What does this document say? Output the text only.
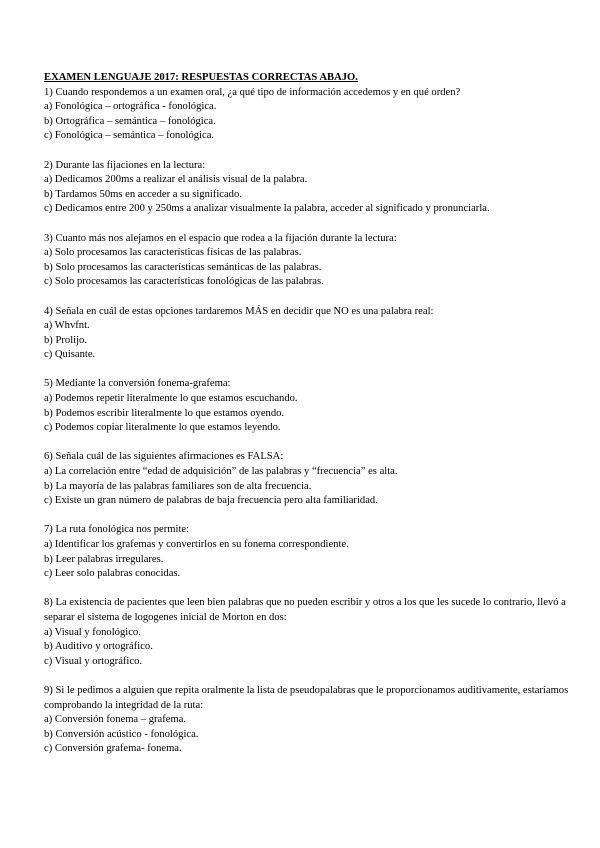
EXAMEN LENGUAJE 2017: RESPUESTAS CORRECTAS ABAJO.

1) Cuando respondemos a un examen oral, ¿a qué tipo de información accedemos y en qué orden?

a) Fonológica – ortográfica - fonológica.

b) Ortográfica – semántica – fonológica.

c) Fonológica – semántica – fonológica.

2) Durante las fijaciones en la lectura:

a) Dedicamos 200ms a realizar el análisis visual de la palabra.

b) Tardamos 50ms en acceder a su significado.

c) Dedicamos entre 200 y 250ms a analizar visualmente la palabra, acceder al significado y pronunciarla.

3) Cuanto más nos alejamos en el espacio que rodea a la fijación durante la lectura:

a) Solo procesamos las características físicas de las palabras.

b) Solo procesamos las características semánticas de las palabras.

c) Solo procesamos las características fonológicas de las palabras.

4) Señala en cuál de estas opciones tardaremos MÁS en decidir que NO es una palabra real:

a) Whvfnt.

b) Prolijo.

c) Quisante.

5) Mediante la conversión fonema-grafema:

a) Podemos repetir literalmente lo que estamos escuchando.

b) Podemos escribir literalmente lo que estamos oyendo.

c) Podemos copiar literalmente lo que estamos leyendo.

6) Señala cuál de las siguientes afirmaciones es FALSA:

a) La correlación entre “edad de adquisición” de las palabras y “frecuencia” es alta.

b) La mayoría de las palabras familiares son de alta frecuencia.

c) Existe un gran número de palabras de baja frecuencia pero alta familiaridad.

7) La ruta fonológica nos permite:

a) Identificar los grafemas y convertirlos en su fonema correspondiente.

b) Leer palabras irregulares.

c) Leer solo palabras conocidas.

8) La existencia de pacientes que leen bien palabras que no pueden escribir y otros a los que les sucede lo contrario, llevó a separar el sistema de logogenes inicial de Morton en dos:

a) Visual y fonológico.

b) Auditivo y ortográfico.

c) Visual y ortográfico.

9) Si le pedimos a alguien que repita oralmente la lista de pseudopalabras que le proporcionamos auditivamente, estaríamos comprobando la integridad de la ruta:

a) Conversión fonema – grafema.

b) Conversión acústico - fonológica.

c) Conversión grafema- fonema.
